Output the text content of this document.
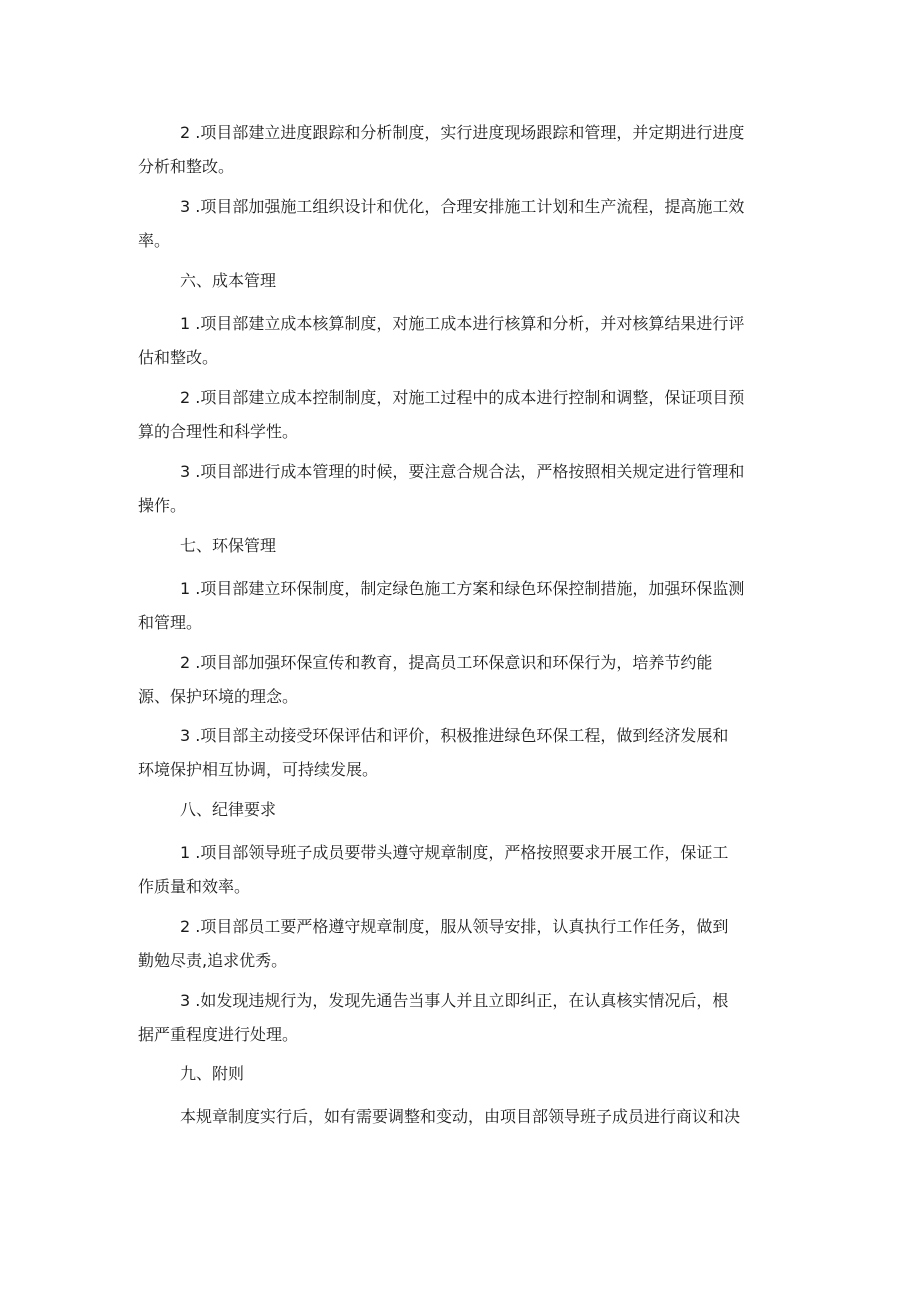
2 .项目部建立进度跟踪和分析制度，实行进度现场跟踪和管理，并定期进行进度
分析和整改。
3 .项目部加强施工组织设计和优化，合理安排施工计划和生产流程，提高施工效
率。
六、成本管理
1 .项目部建立成本核算制度，对施工成本进行核算和分析，并对核算结果进行评
估和整改。
2 .项目部建立成本控制制度，对施工过程中的成本进行控制和调整，保证项目预
算的合理性和科学性。
3 .项目部进行成本管理的时候，要注意合规合法，严格按照相关规定进行管理和
操作。
七、环保管理
1 .项目部建立环保制度，制定绿色施工方案和绿色环保控制措施，加强环保监测
和管理。
2 .项目部加强环保宣传和教育，提高员工环保意识和环保行为，培养节约能
源、保护环境的理念。
3 .项目部主动接受环保评估和评价，积极推进绿色环保工程，做到经济发展和
环境保护相互协调，可持续发展。
八、纪律要求
1 .项目部领导班子成员要带头遵守规章制度，严格按照要求开展工作，保证工
作质量和效率。
2 .项目部员工要严格遵守规章制度，服从领导安排，认真执行工作任务，做到
勤勉尽责,追求优秀。
3 .如发现违规行为，发现先通告当事人并且立即纠正，在认真核实情况后，根
据严重程度进行处理。
九、附则
本规章制度实行后，如有需要调整和变动，由项目部领导班子成员进行商议和决
